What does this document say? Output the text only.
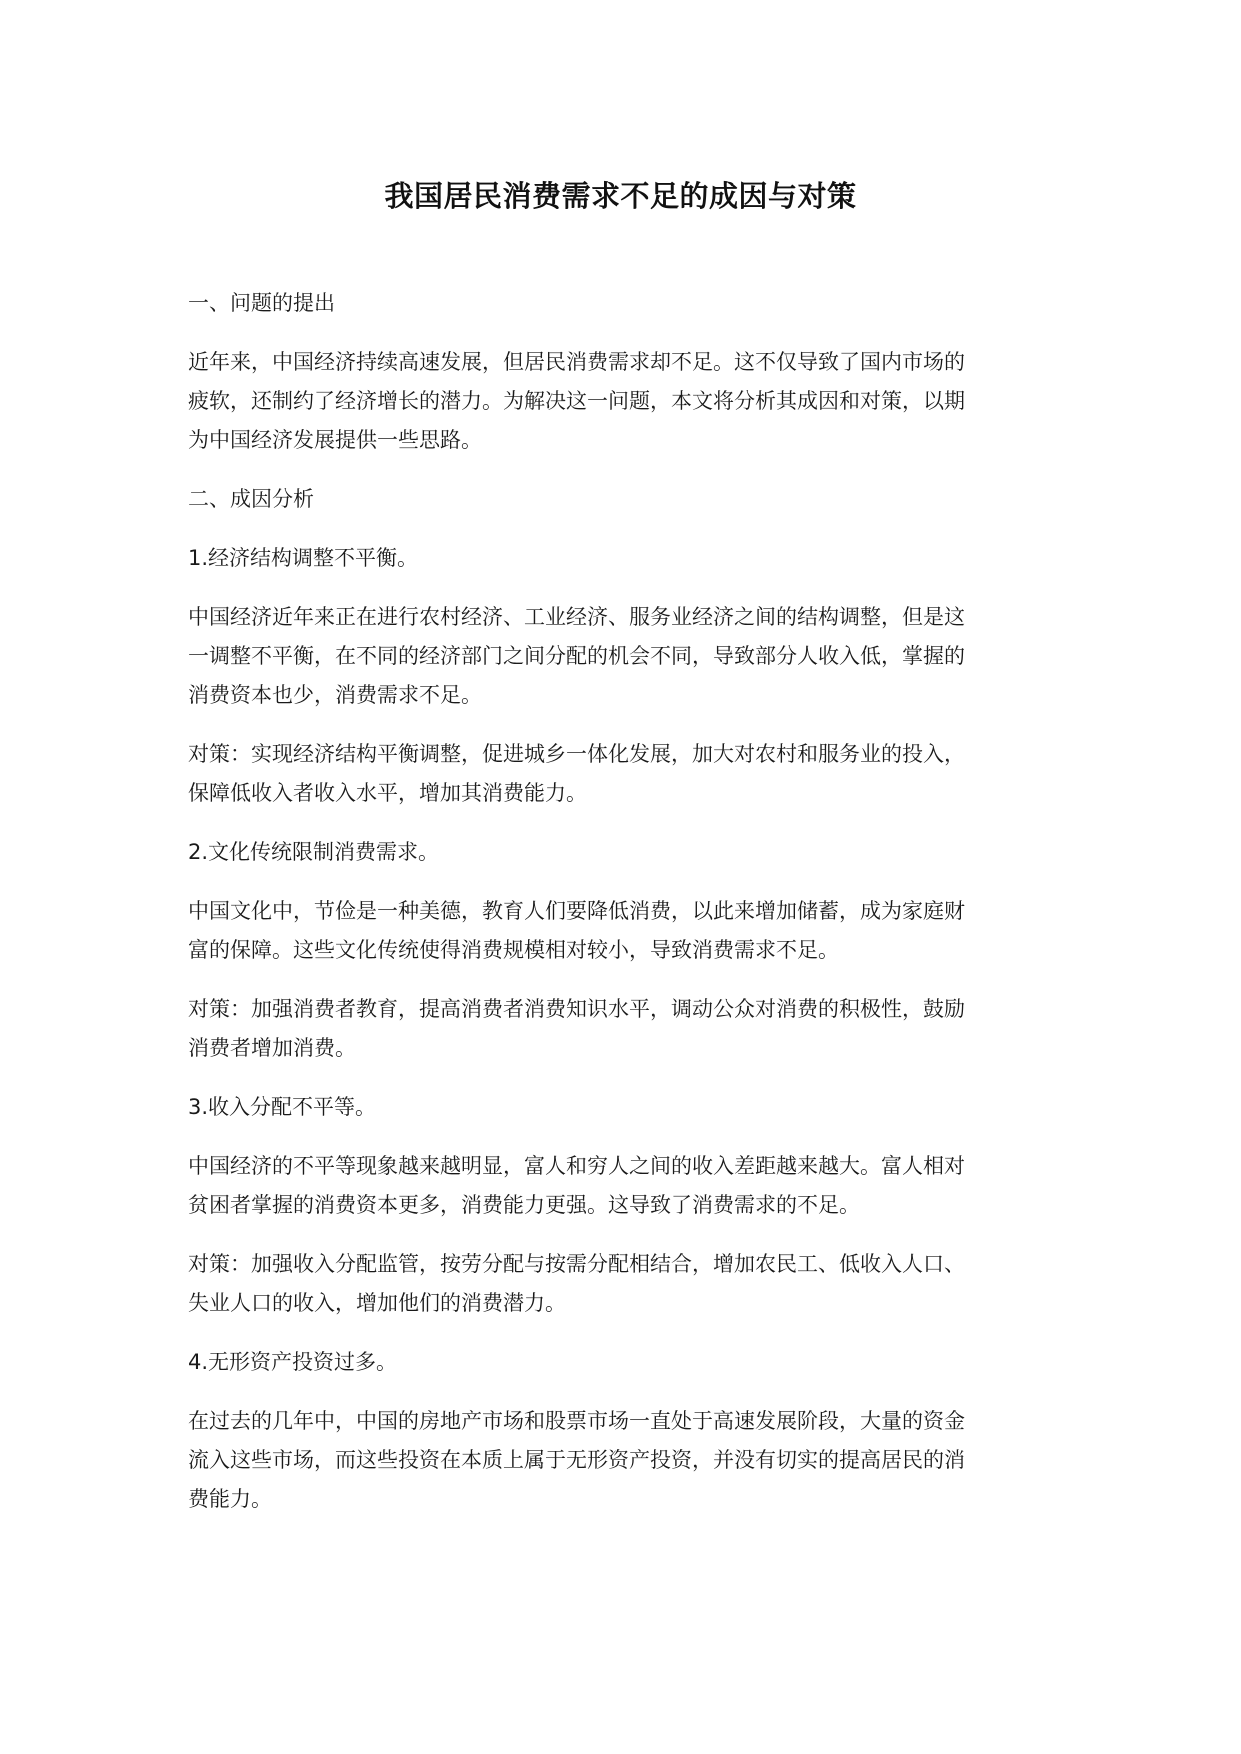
我国居民消费需求不足的成因与对策
一、问题的提出
近年来，中国经济持续高速发展，但居民消费需求却不足。这不仅导致了国内市场的
疲软，还制约了经济增长的潜力。为解决这一问题，本文将分析其成因和对策，以期
为中国经济发展提供一些思路。
二、成因分析
1.经济结构调整不平衡。
中国经济近年来正在进行农村经济、工业经济、服务业经济之间的结构调整，但是这
一调整不平衡，在不同的经济部门之间分配的机会不同，导致部分人收入低，掌握的
消费资本也少，消费需求不足。
对策：实现经济结构平衡调整，促进城乡一体化发展，加大对农村和服务业的投入，
保障低收入者收入水平，增加其消费能力。
2.文化传统限制消费需求。
中国文化中，节俭是一种美德，教育人们要降低消费，以此来增加储蓄，成为家庭财
富的保障。这些文化传统使得消费规模相对较小，导致消费需求不足。
对策：加强消费者教育，提高消费者消费知识水平，调动公众对消费的积极性，鼓励
消费者增加消费。
3.收入分配不平等。
中国经济的不平等现象越来越明显，富人和穷人之间的收入差距越来越大。富人相对
贫困者掌握的消费资本更多，消费能力更强。这导致了消费需求的不足。
对策：加强收入分配监管，按劳分配与按需分配相结合，增加农民工、低收入人口、
失业人口的收入，增加他们的消费潜力。
4.无形资产投资过多。
在过去的几年中，中国的房地产市场和股票市场一直处于高速发展阶段，大量的资金
流入这些市场，而这些投资在本质上属于无形资产投资，并没有切实的提高居民的消
费能力。
